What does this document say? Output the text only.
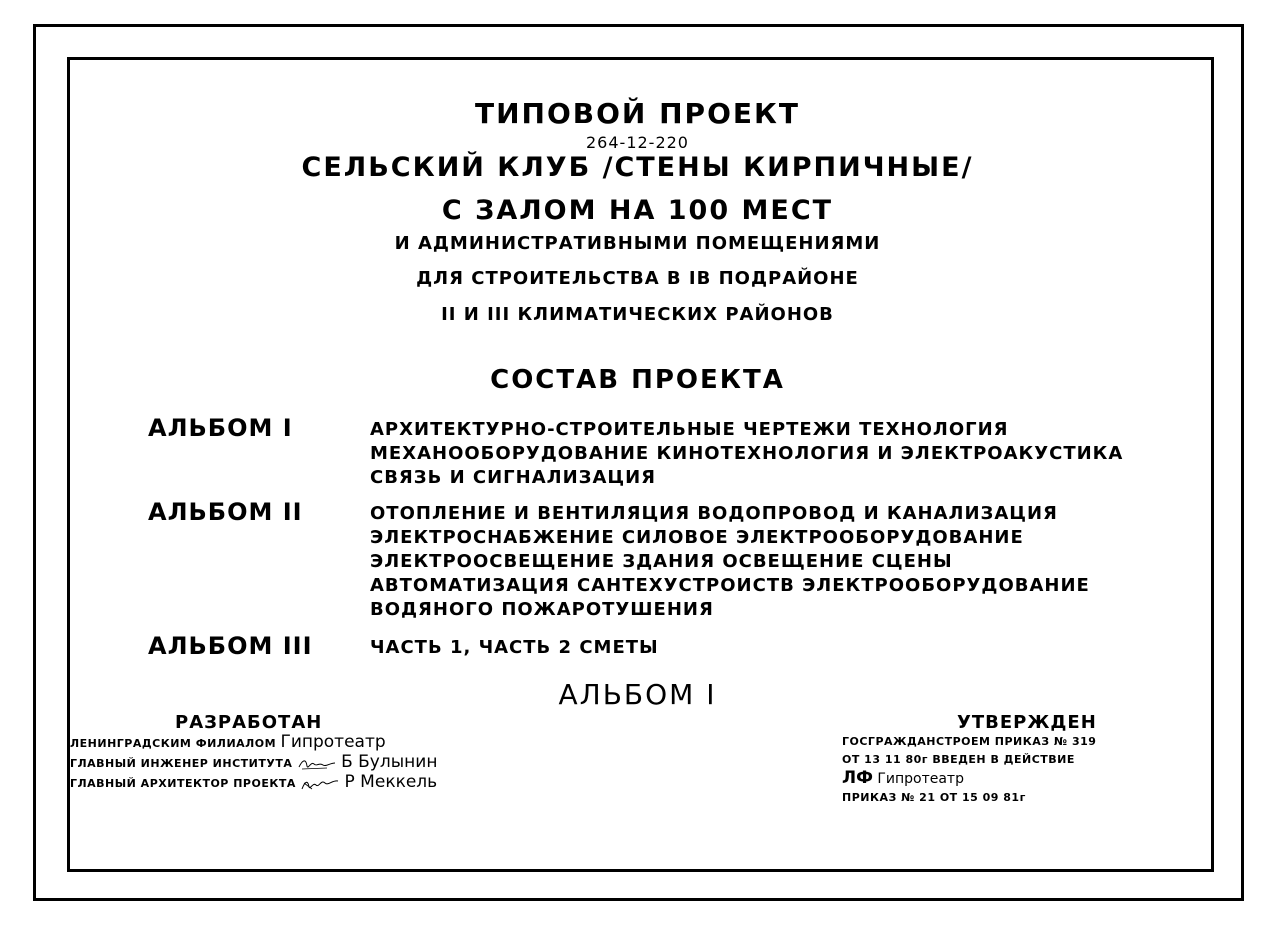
ТИПОВОЙ ПРОЕКТ
264-12-220
СЕЛЬСКИЙ КЛУБ /СТЕНЫ КИРПИЧНЫЕ/
С ЗАЛОМ НА 100 МЕСТ
И АДМИНИСТРАТИВНЫМИ ПОМЕЩЕНИЯМИ
ДЛЯ СТРОИТЕЛЬСТВА В IB ПОДРАЙОНЕ
II И III КЛИМАТИЧЕСКИХ РАЙОНОВ
СОСТАВ ПРОЕКТА
АЛЬБОМ I	АРХИТЕКТУРНО-СТРОИТЕЛЬНЫЕ ЧЕРТЕЖИ ТЕХНОЛОГИЯ
МЕХАНООБОРУДОВАНИЕ КИНОТЕХНОЛОГИЯ И ЭЛЕКТРОАКУСТИКА
СВЯЗЬ И СИГНАЛИЗАЦИЯ
АЛЬБОМ II	ОТОПЛЕНИЕ И ВЕНТИЛЯЦИЯ ВОДОПРОВОД И КАНАЛИЗАЦИЯ
ЭЛЕКТРОСНАБЖЕНИЕ СИЛОВОЕ ЭЛЕКТРООБОРУДОВАНИЕ
ЭЛЕКТРООСВЕЩЕНИЕ ЗДАНИЯ ОСВЕЩЕНИЕ СЦЕНЫ
АВТОМАТИЗАЦИЯ САНТЕХУСТРОИСТВ ЭЛЕКТРООБОРУДОВАНИЕ
ВОДЯНОГО ПОЖАРОТУШЕНИЯ
АЛЬБОМ III	ЧАСТЬ 1, ЧАСТЬ 2 СМЕТЫ
АЛЬБОМ I
РАЗРАБОТАН
ЛЕНИНГРАДСКИМ ФИЛИАЛОМ Гипротеатр
ГЛАВНЫЙ ИНЖЕНЕР ИНСТИТУТА	Б Булынин
ГЛАВНЫЙ АРХИТЕКТОР ПРОЕКТА	Р Меккель
УТВЕРЖДЕН
ГОСГРАЖДАНСТРОЕМ ПРИКАЗ № 319
ОТ 13 11 80г ВВЕДЕН В ДЕЙСТВИЕ
ЛФ Гипротеатр
ПРИКАЗ № 21 ОТ 15 09 81г
